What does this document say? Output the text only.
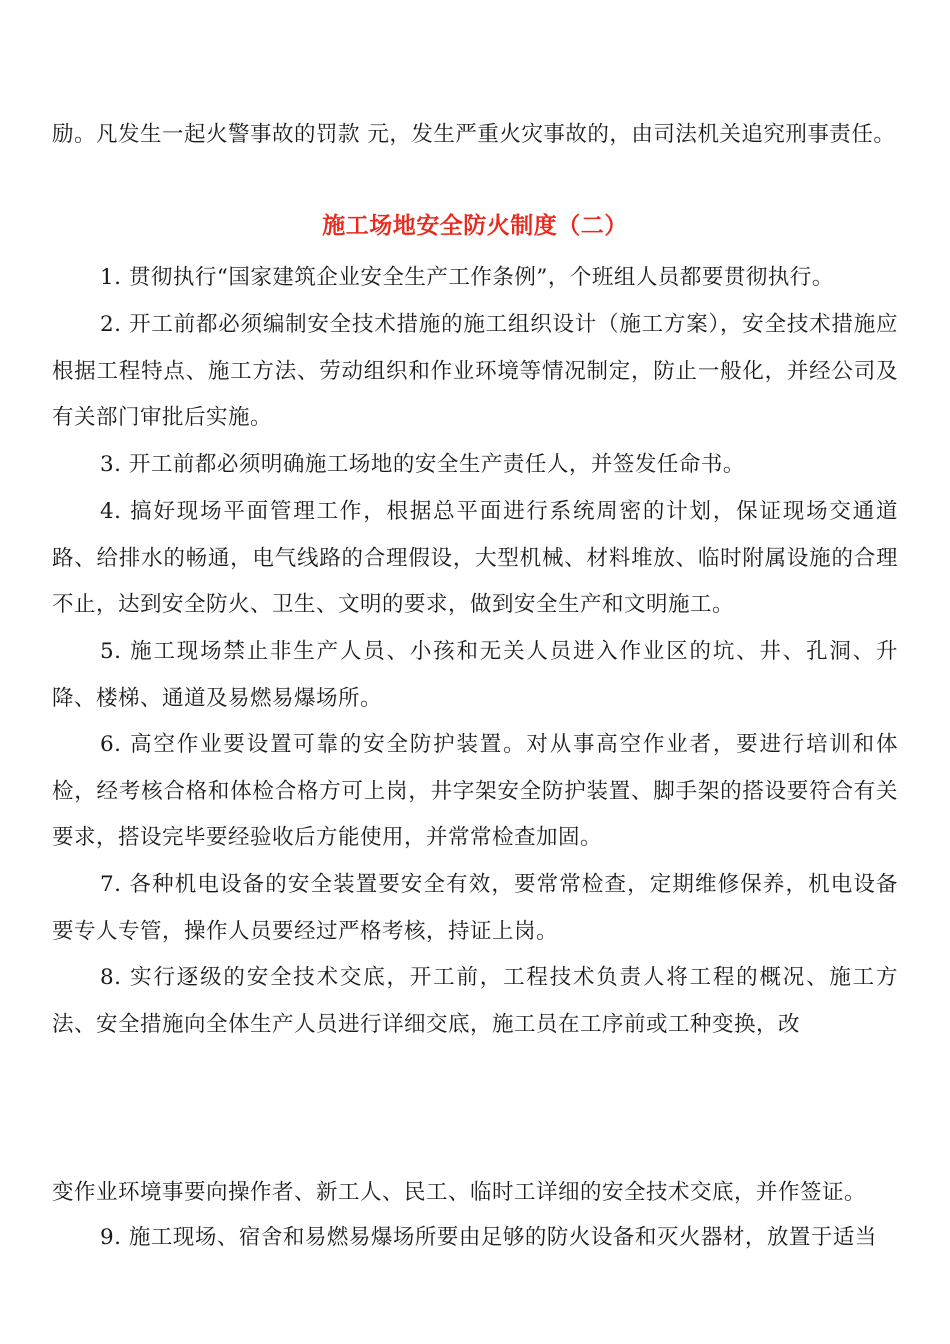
励。凡发生一起火警事故的罚款 元，发生严重火灾事故的，由司法机关追究刑事责任。

施工场地安全防火制度（二）

1. 贯彻执行“国家建筑企业安全生产工作条例”，个班组人员都要贯彻执行。

2. 开工前都必须编制安全技术措施的施工组织设计（施工方案），安全技术措施应根据工程特点、施工方法、劳动组织和作业环境等情况制定，防止一般化，并经公司及有关部门审批后实施。

3. 开工前都必须明确施工场地的安全生产责任人，并签发任命书。

4. 搞好现场平面管理工作，根据总平面进行系统周密的计划，保证现场交通道路、给排水的畅通，电气线路的合理假设，大型机械、材料堆放、临时附属设施的合理不止，达到安全防火、卫生、文明的要求，做到安全生产和文明施工。

5. 施工现场禁止非生产人员、小孩和无关人员进入作业区的坑、井、孔洞、升降、楼梯、通道及易燃易爆场所。

6. 高空作业要设置可靠的安全防护装置。对从事高空作业者，要进行培训和体检，经考核合格和体检合格方可上岗，井字架安全防护装置、脚手架的搭设要符合有关要求，搭设完毕要经验收后方能使用，并常常检查加固。

7. 各种机电设备的安全装置要安全有效，要常常检查，定期维修保养，机电设备要专人专管，操作人员要经过严格考核，持证上岗。

8. 实行逐级的安全技术交底，开工前，工程技术负责人将工程的概况、施工方法、安全措施向全体生产人员进行详细交底，施工员在工序前或工种变换，改

变作业环境事要向操作者、新工人、民工、临时工详细的安全技术交底，并作签证。

9. 施工现场、宿舍和易燃易爆场所要由足够的防火设备和灭火器材，放置于适当
